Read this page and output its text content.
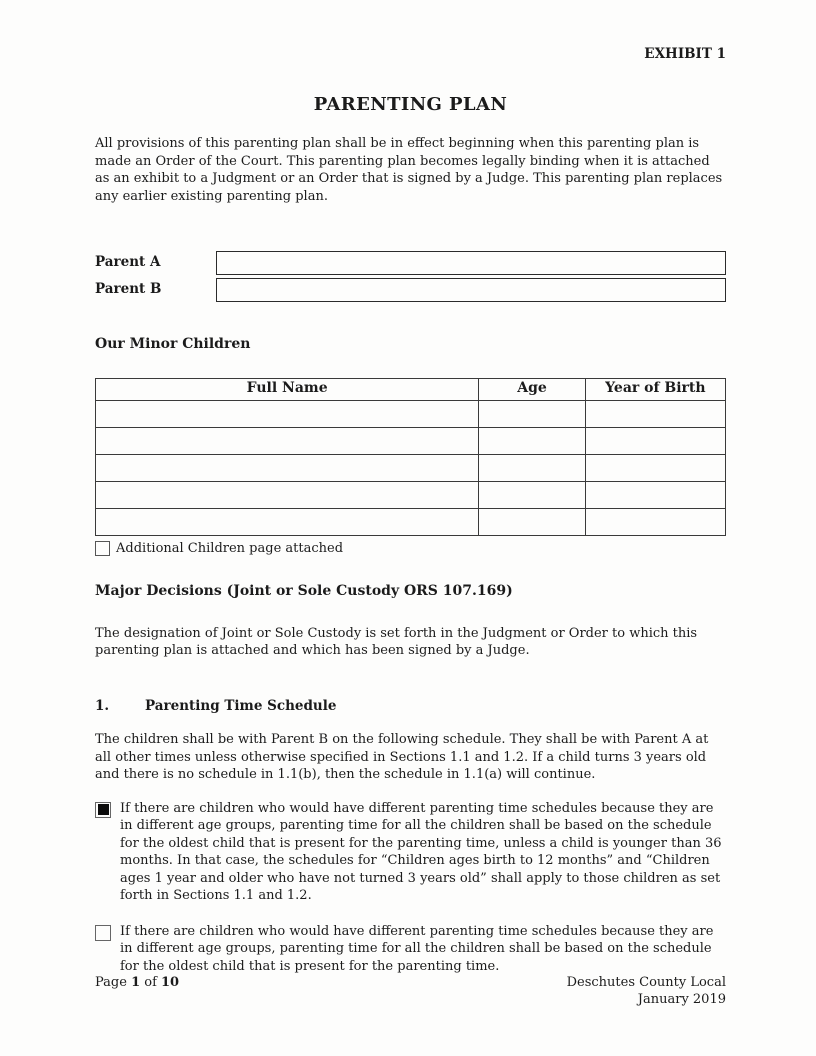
EXHIBIT 1
PARENTING PLAN

All provisions of this parenting plan shall be in effect beginning when this parenting plan is made an Order of the Court. This parenting plan becomes legally binding when it is attached as an exhibit to a Judgment or an Order that is signed by a Judge. This parenting plan replaces any earlier existing parenting plan.

Parent A
Parent B
Our Minor Children
Full Name	Age	Year of Birth

Additional Children page attached
Major Decisions (Joint or Sole Custody ORS 107.169)

The designation of Joint or Sole Custody is set forth in the Judgment or Order to which this parenting plan is attached and which has been signed by a Judge.

1.	Parenting Time Schedule

The children shall be with Parent B on the following schedule. They shall be with Parent A at all other times unless otherwise specified in Sections 1.1 and 1.2. If a child turns 3 years old and there is no schedule in 1.1(b), then the schedule in 1.1(a) will continue.

If there are children who would have different parenting time schedules because they are in different age groups, parenting time for all the children shall be based on the schedule for the oldest child that is present for the parenting time, unless a child is younger than 36 months. In that case, the schedules for “Children ages birth to 12 months” and “Children ages 1 year and older who have not turned 3 years old” shall apply to those children as set forth in Sections 1.1 and 1.2.
If there are children who would have different parenting time schedules because they are in different age groups, parenting time for all the children shall be based on the schedule for the oldest child that is present for the parenting time.
Page 1 of 10	Deschutes County Local
January 2019
